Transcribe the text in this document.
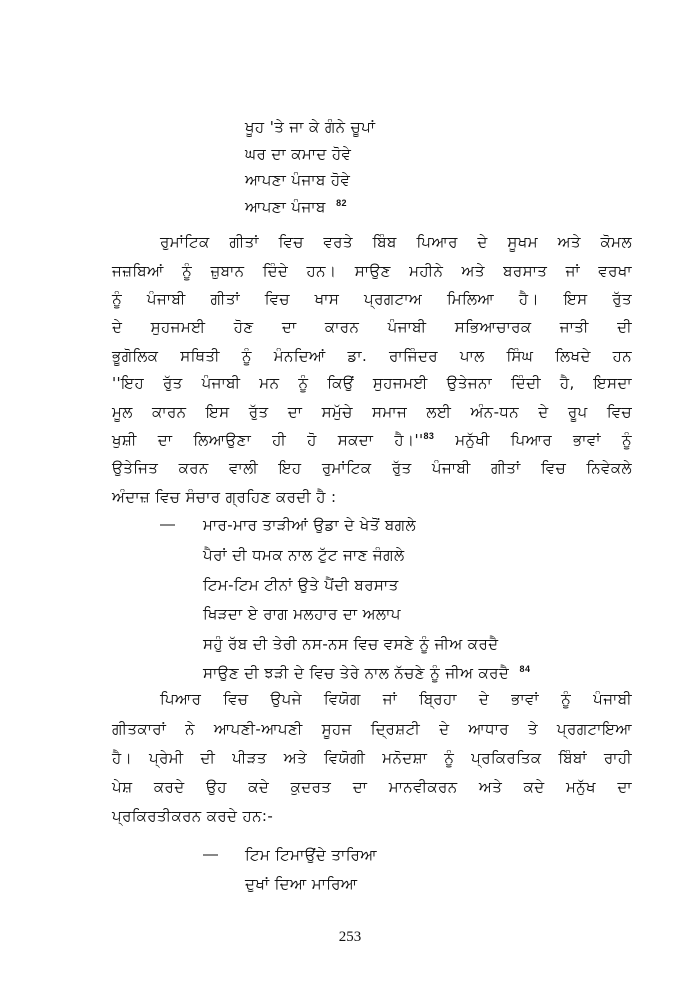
ਖੂਹ 'ਤੇ ਜਾ ਕੇ ਗੰਨੇ ਚੂਪਾਂ
ਘਰ ਦਾ ਕਮਾਦ ਹੋਵੇ
ਆਪਣਾ ਪੰਜਾਬ ਹੋਵੇ
ਆਪਣਾ ਪੰਜਾਬ $^{82}$
ਰੁਮਾਂਟਿਕ ਗੀਤਾਂ ਵਿਚ ਵਰਤੇ ਬਿੰਬ ਪਿਆਰ ਦੇ ਸੂਖਮ ਅਤੇ ਕੋਮਲ
ਜਜ਼ਬਿਆਂ ਨੂੰ ਜ਼ੁਬਾਨ ਦਿੰਦੇ ਹਨ। ਸਾਉਣ ਮਹੀਨੇ ਅਤੇ ਬਰਸਾਤ ਜਾਂ ਵਰਖਾ
ਨੂੰ ਪੰਜਾਬੀ ਗੀਤਾਂ ਵਿਚ ਖਾਸ ਪ੍ਰਗਟਾਅ ਮਿਲਿਆ ਹੈ। ਇਸ ਰੁੱਤ
ਦੇ ਸੁਹਜਮਈ ਹੋਣ ਦਾ ਕਾਰਨ ਪੰਜਾਬੀ ਸਭਿਆਚਾਰਕ ਜਾਤੀ ਦੀ
ਭੂਗੋਲਿਕ ਸਥਿਤੀ ਨੂੰ ਮੰਨਦਿਆਂ ਡਾ. ਰਾਜਿੰਦਰ ਪਾਲ ਸਿੰਘ ਲਿਖਦੇ ਹਨ
''ਇਹ ਰੁੱਤ ਪੰਜਾਬੀ ਮਨ ਨੂੰ ਕਿਉਂ ਸੁਹਜਮਈ ਉਤੇਜਨਾ ਦਿੰਦੀ ਹੈ, ਇਸਦਾ
ਮੂਲ ਕਾਰਨ ਇਸ ਰੁੱਤ ਦਾ ਸਮੁੱਚੇ ਸਮਾਜ ਲਈ ਅੰਨ-ਧਨ ਦੇ ਰੂਪ ਵਿਚ
ਖੁਸ਼ੀ ਦਾ ਲਿਆਉਣਾ ਹੀ ਹੋ ਸਕਦਾ $ਹੈ।''^{83}$ ਮਨੁੱਖੀ ਪਿਆਰ ਭਾਵਾਂ ਨੂੰ
ਉਤੇਜਿਤ ਕਰਨ ਵਾਲੀ ਇਹ ਰੁਮਾਂਟਿਕ ਰੁੱਤ ਪੰਜਾਬੀ ਗੀਤਾਂ ਵਿਚ ਨਿਵੇਕਲੇ
ਅੰਦਾਜ਼ ਵਿਚ ਸੰਚਾਰ ਗ੍ਰਹਿਣ ਕਰਦੀ ਹੈ :
— ਮਾਰ-ਮਾਰ ਤਾੜੀਆਂ ਉਡਾ ਦੇ ਖੇਤੋਂ ਬਗਲੇ
ਪੈਰਾਂ ਦੀ ਧਮਕ ਨਾਲ ਟੁੱਟ ਜਾਣ ਜੰਗਲੇ
ਟਿਮ-ਟਿਮ ਟੀਨਾਂ ਉਤੇ ਪੈਂਦੀ ਬਰਸਾਤ
ਖਿੜਦਾ ਏ ਰਾਗ ਮਲਹਾਰ ਦਾ ਅਲਾਪ
ਸਹੁੰ ਰੱਬ ਦੀ ਤੇਰੀ ਨਸ-ਨਸ ਵਿਚ ਵਸਣੇ ਨੂੰ ਜੀਅ ਕਰਦੈ
ਸਾਉਣ ਦੀ ਝੜੀ ਦੇ ਵਿਚ ਤੇਰੇ ਨਾਲ ਨੱਚਣੇ ਨੂੰ ਜੀਅ ਕਰਦੈ $^{84}$
ਪਿਆਰ ਵਿਚ ਉਪਜੇ ਵਿਯੋਗ ਜਾਂ ਬ੍ਰਿਹਾ ਦੇ ਭਾਵਾਂ ਨੂੰ ਪੰਜਾਬੀ
ਗੀਤਕਾਰਾਂ ਨੇ ਆਪਣੀ-ਆਪਣੀ ਸੂਹਜ ਦ੍ਰਿਸ਼ਟੀ ਦੇ ਆਧਾਰ ਤੇ ਪ੍ਰਗਟਾਇਆ
ਹੈ। ਪ੍ਰੇਮੀ ਦੀ ਪੀੜਤ ਅਤੇ ਵਿਯੋਗੀ ਮਨੋਦਸ਼ਾ ਨੂੰ ਪ੍ਰਕਿਰਤਿਕ ਬਿੰਬਾਂ ਰਾਹੀ
ਪੇਸ਼ ਕਰਦੇ ਉਹ ਕਦੇ ਕੁਦਰਤ ਦਾ ਮਾਨਵੀਕਰਨ ਅਤੇ ਕਦੇ ਮਨੁੱਖ ਦਾ
ਪ੍ਰਕਿਰਤੀਕਰਨ ਕਰਦੇ ਹਨ:-
— ਟਿਮ ਟਿਮਾਉਂਦੇ ਤਾਰਿਆ
ਦੁਖਾਂ ਦਿਆ ਮਾਰਿਆ
253
